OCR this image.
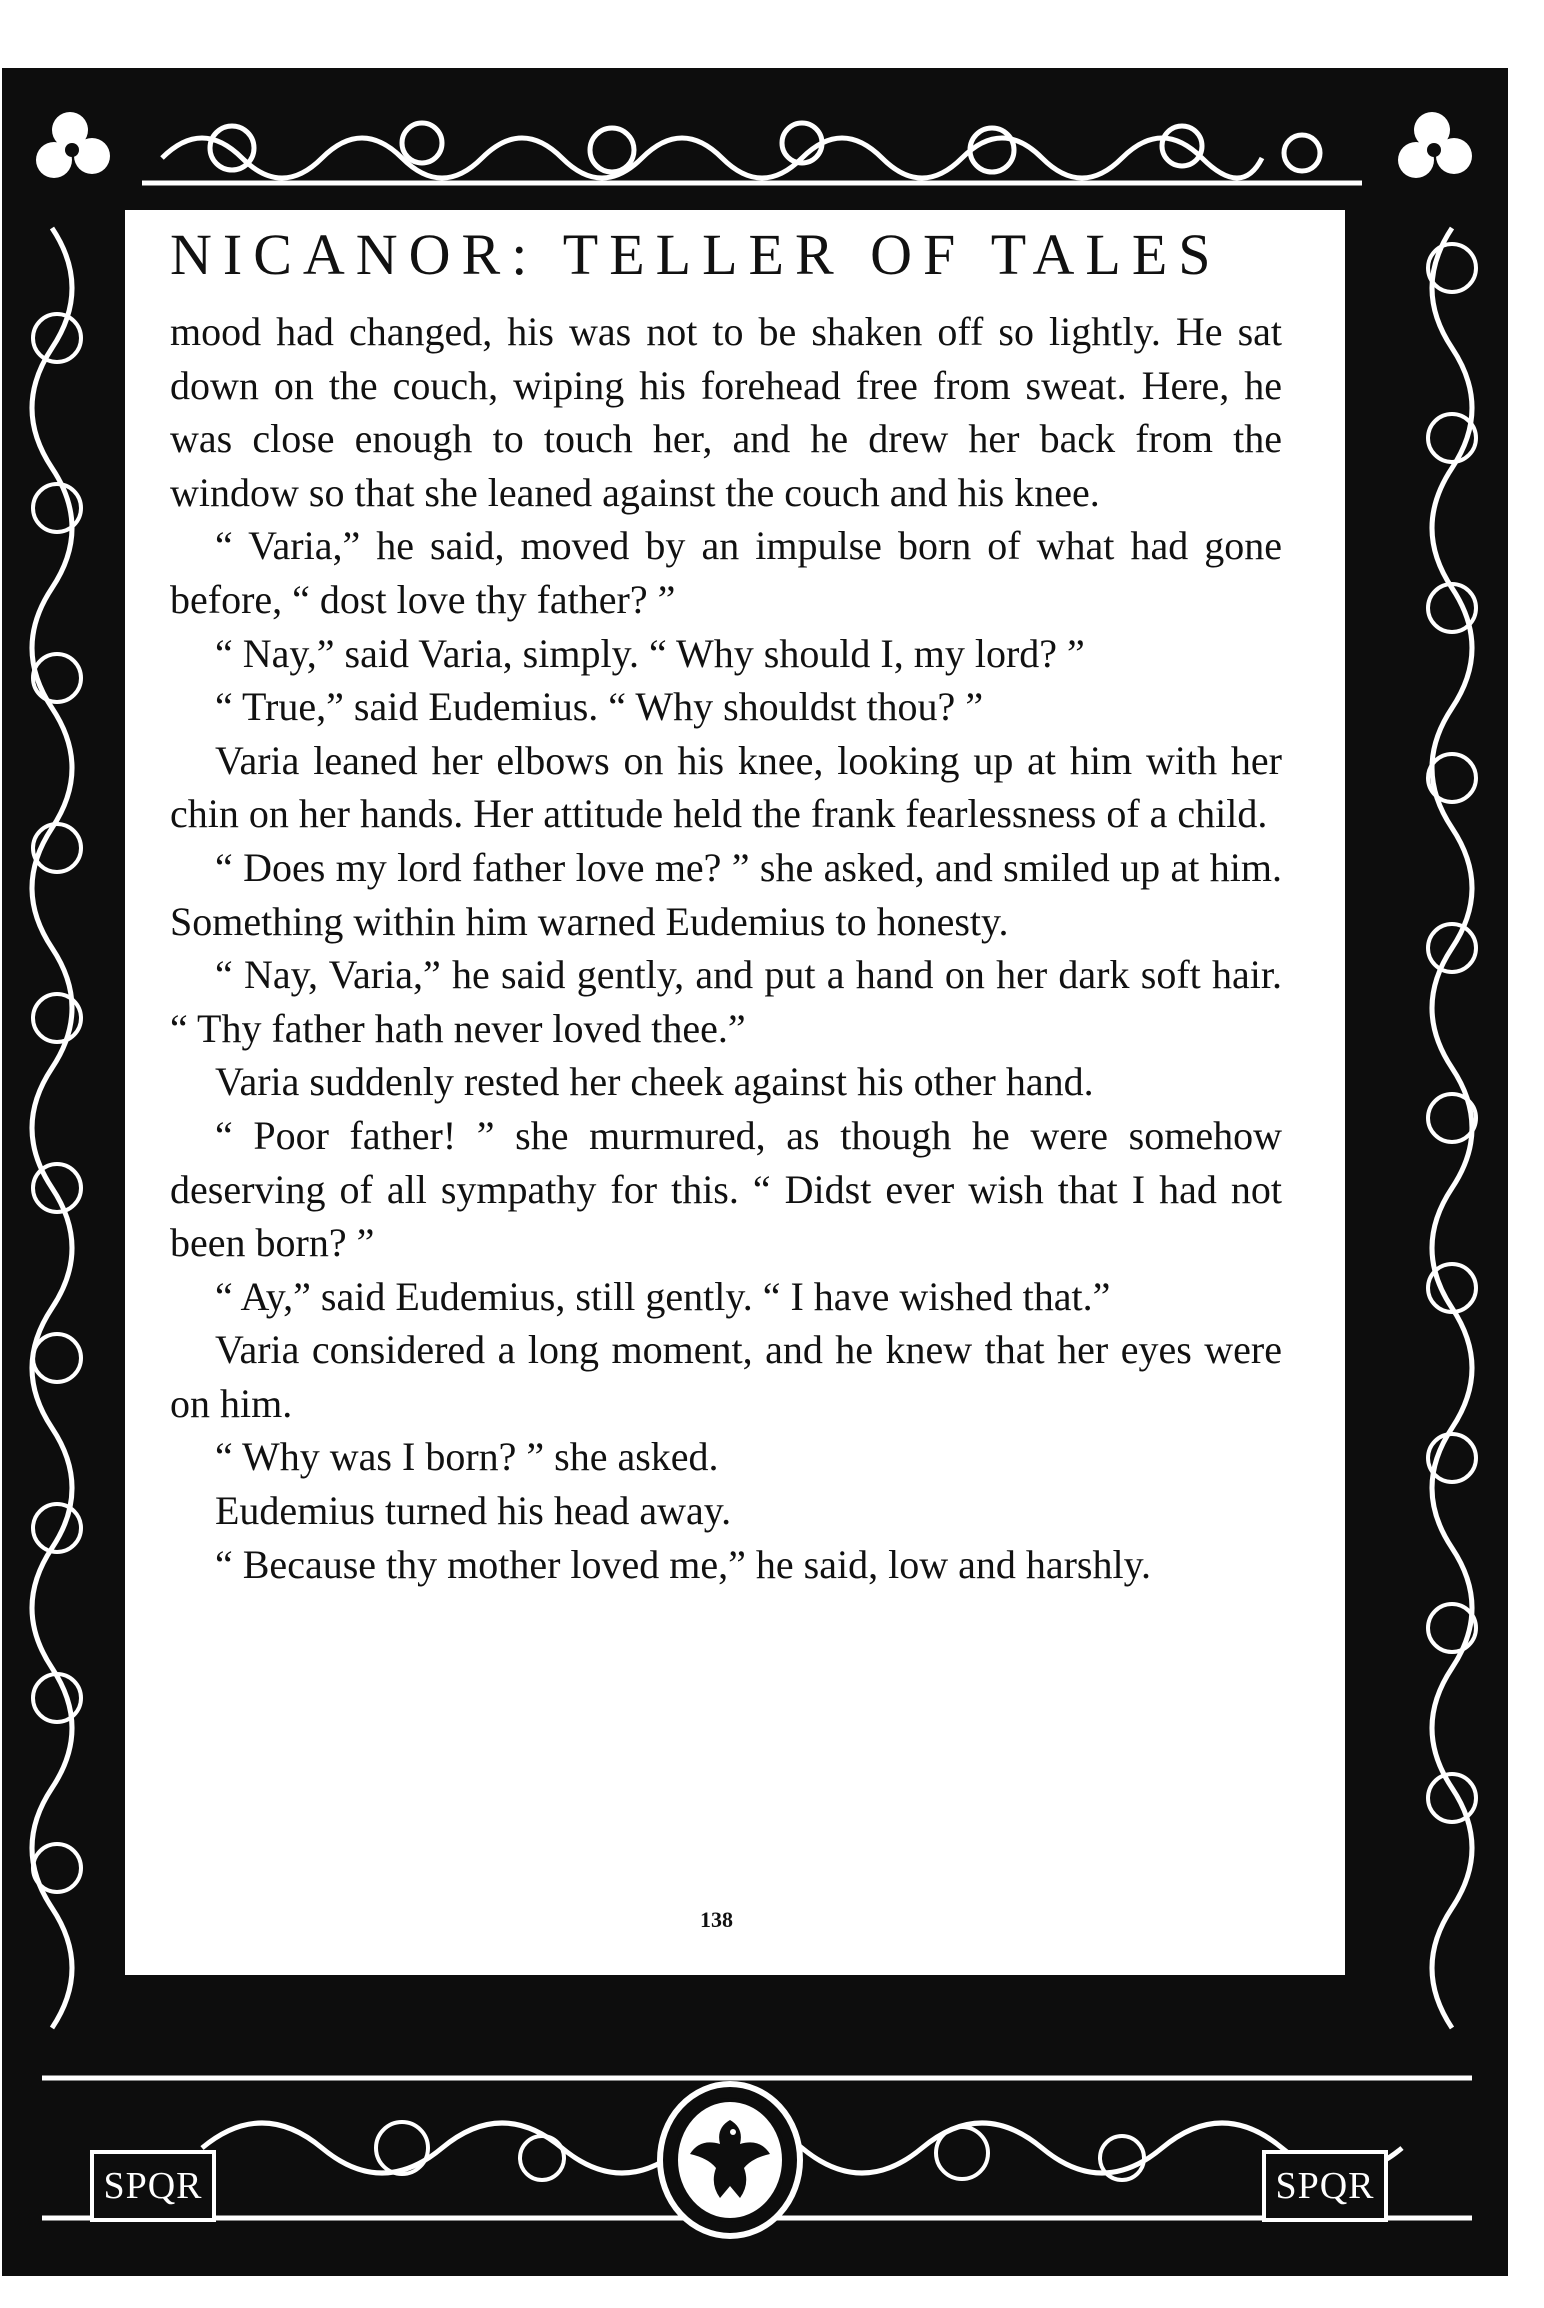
NICANOR: TELLER OF TALES

mood had changed, his was not to be shaken off so lightly. He sat down on the couch, wiping his forehead free from sweat. Here, he was close enough to touch her, and he drew her back from the window so that she leaned against the couch and his knee.

“ Varia,” he said, moved by an impulse born of what had gone before, “ dost love thy father? ”

“ Nay,” said Varia, simply. “ Why should I, my lord? ”

“ True,” said Eudemius. “ Why shouldst thou? ”

Varia leaned her elbows on his knee, looking up at him with her chin on her hands. Her attitude held the frank fearlessness of a child.

“ Does my lord father love me? ” she asked, and smiled up at him. Something within him warned Eudemius to honesty.

“ Nay, Varia,” he said gently, and put a hand on her dark soft hair. “ Thy father hath never loved thee.”

Varia suddenly rested her cheek against his other hand.

“ Poor father! ” she murmured, as though he were somehow deserving of all sympathy for this. “ Didst ever wish that I had not been born? ”

“ Ay,” said Eudemius, still gently. “ I have wished that.”

Varia considered a long moment, and he knew that her eyes were on him.

“ Why was I born? ” she asked.

Eudemius turned his head away.

“ Because thy mother loved me,” he said, low and harshly.

138
SPQR	SPQR
